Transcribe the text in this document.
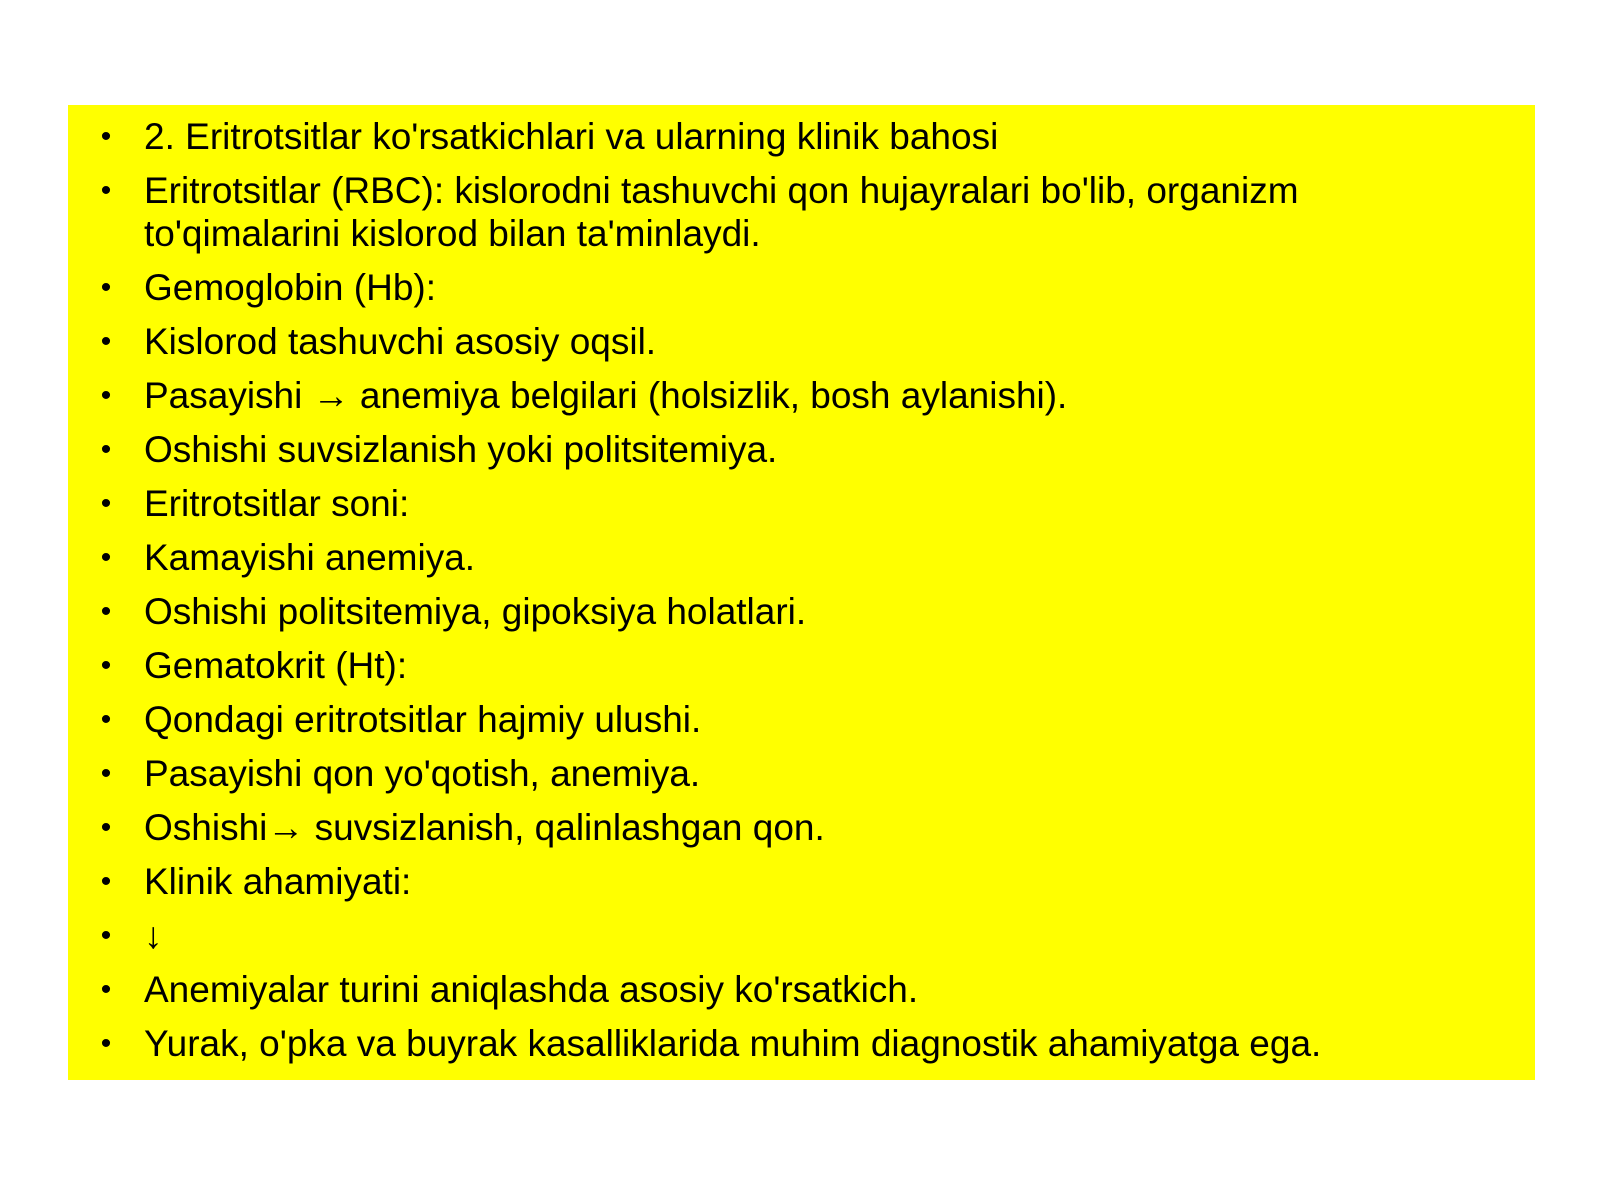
• 2. Eritrotsitlar ko'rsatkichlari va ularning klinik bahosi
• Eritrotsitlar (RBC): kislorodni tashuvchi qon hujayralari bo'lib, organizm to'qimalarini kislorod bilan ta'minlaydi.
• Gemoglobin (Hb):
• Kislorod tashuvchi asosiy oqsil.
• Pasayishi → anemiya belgilari (holsizlik, bosh aylanishi).
• Oshishi suvsizlanish yoki politsitemiya.
• Eritrotsitlar soni:
• Kamayishi anemiya.
• Oshishi politsitemiya, gipoksiya holatlari.
• Gematokrit (Ht):
• Qondagi eritrotsitlar hajmiy ulushi.
• Pasayishi qon yo'qotish, anemiya.
• Oshishi→ suvsizlanish, qalinlashgan qon.
• Klinik ahamiyati:
• ↓
• Anemiyalar turini aniqlashda asosiy ko'rsatkich.
• Yurak, o'pka va buyrak kasalliklarida muhim diagnostik ahamiyatga ega.
